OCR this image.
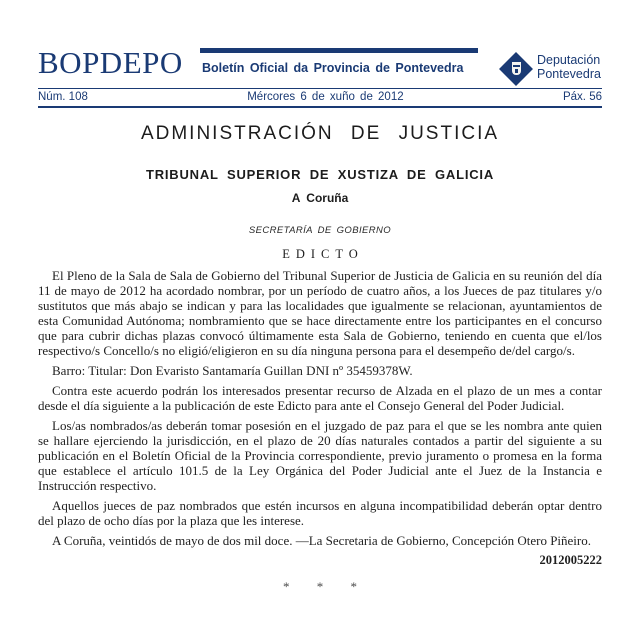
BOPDEPO Boletín Oficial da Provincia de Pontevedra
Deputación
Pontevedra
Núm. 108	Mércores 6 de xuño de 2012	Páx. 56
ADMINISTRACIÓN DE JUSTICIA
TRIBUNAL SUPERIOR DE XUSTIZA DE GALICIA
A Coruña
SECRETARÍA DE GOBIERNO
EDICTO

El Pleno de la Sala de Sala de Gobierno del Tribunal Superior de Justicia de Galicia en su reunión del día 11 de mayo de 2012 ha acordado nombrar, por un período de cuatro años, a los Jueces de paz titulares y/o sustitutos que más abajo se indican y para las localidades que igualmente se relacionan, ayuntamientos de esta Comunidad Autónoma; nombramiento que se hace directamente entre los participantes en el concurso que para cubrir dichas plazas convocó últimamente esta Sala de Gobierno, teniendo en cuenta que el/los respectivo/s Concello/s no eligió/eligieron en su día ninguna persona para el desempeño de/del cargo/s.

Barro: Titular: Don Evaristo Santamaría Guillan DNI nº 35459378W.

Contra este acuerdo podrán los interesados presentar recurso de Alzada en el plazo de un mes a contar desde el día siguiente a la publicación de este Edicto para ante el Consejo General del Poder Judicial.

Los/as nombrados/as deberán tomar posesión en el juzgado de paz para el que se les nombra ante quien se hallare ejerciendo la jurisdicción, en el plazo de 20 días naturales contados a partir del siguiente a su publicación en el Boletín Oficial de la Provincia correspondiente, previo juramento o promesa en la forma que establece el artículo 101.5 de la Ley Orgánica del Poder Judicial ante el Juez de la Instancia e Instrucción respectivo.

Aquellos jueces de paz nombrados que estén incursos en alguna incompatibilidad deberán optar dentro del plazo de ocho días por la plaza que les interese.

A Coruña, veintidós de mayo de dos mil doce. —La Secretaria de Gobierno, Concepción Otero Piñeiro.

2012005222
* * *
